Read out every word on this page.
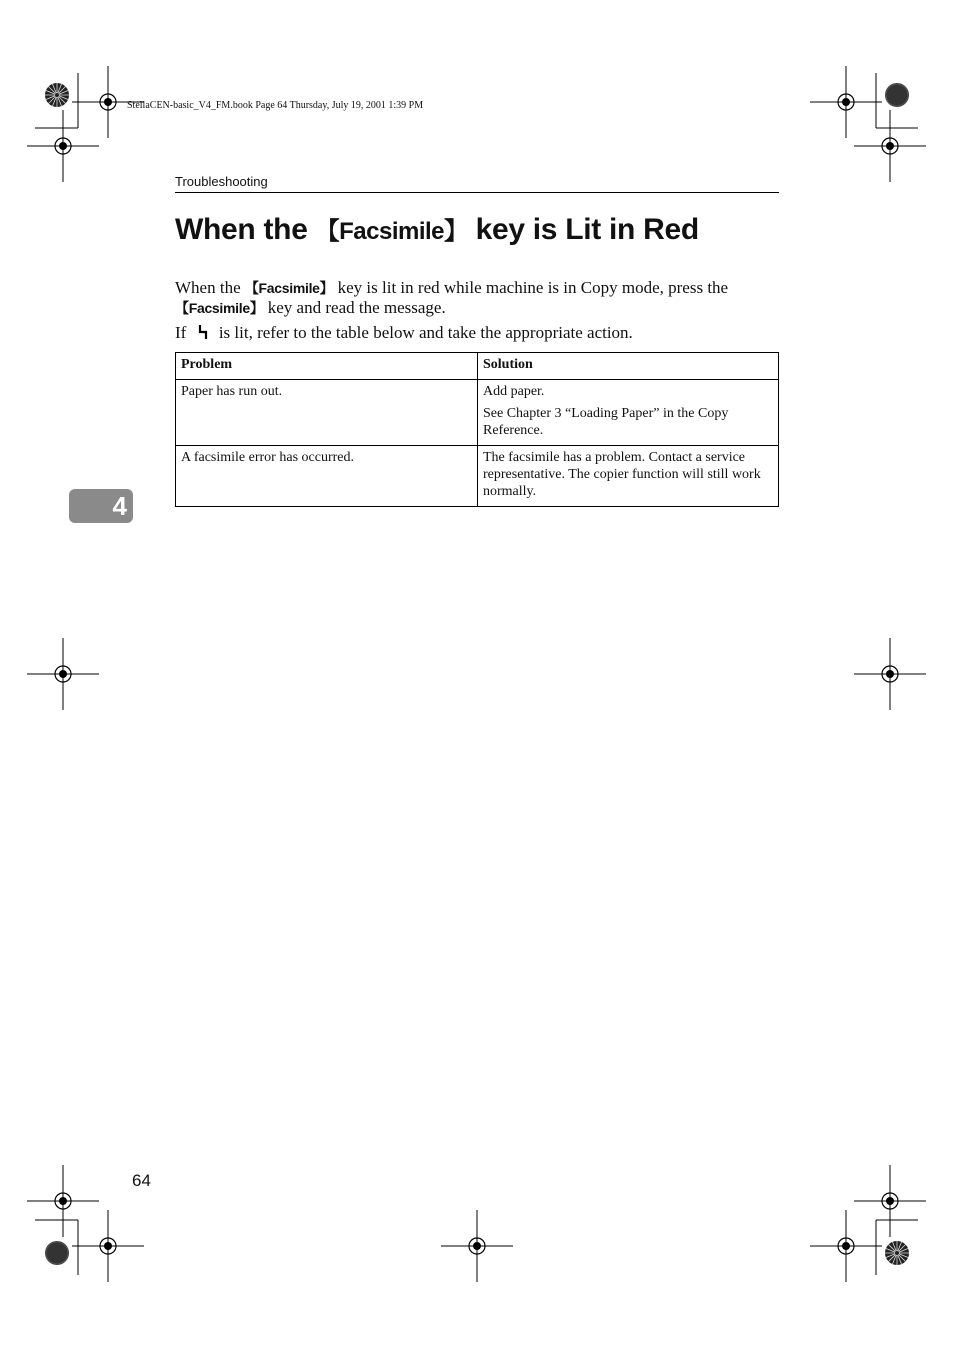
StellaCEN-basic_V4_FM.book Page 64 Thursday, July 19, 2001 1:39 PM
Troubleshooting
When the 【Facsimile】 key is Lit in Red

When the 【Facsimile】 key is lit in red while machine is in Copy mode, press the 【Facsimile】 key and read the message.

If  is lit, refer to the table below and take the appropriate action.

Problem	Solution
Paper has run out.	Add paper.

See Chapter 3 “Loading Paper” in the Copy Reference.

A facsimile error has occurred.	The facsimile has a problem. Contact a service representative. The copier function will still work normally.

4
64
